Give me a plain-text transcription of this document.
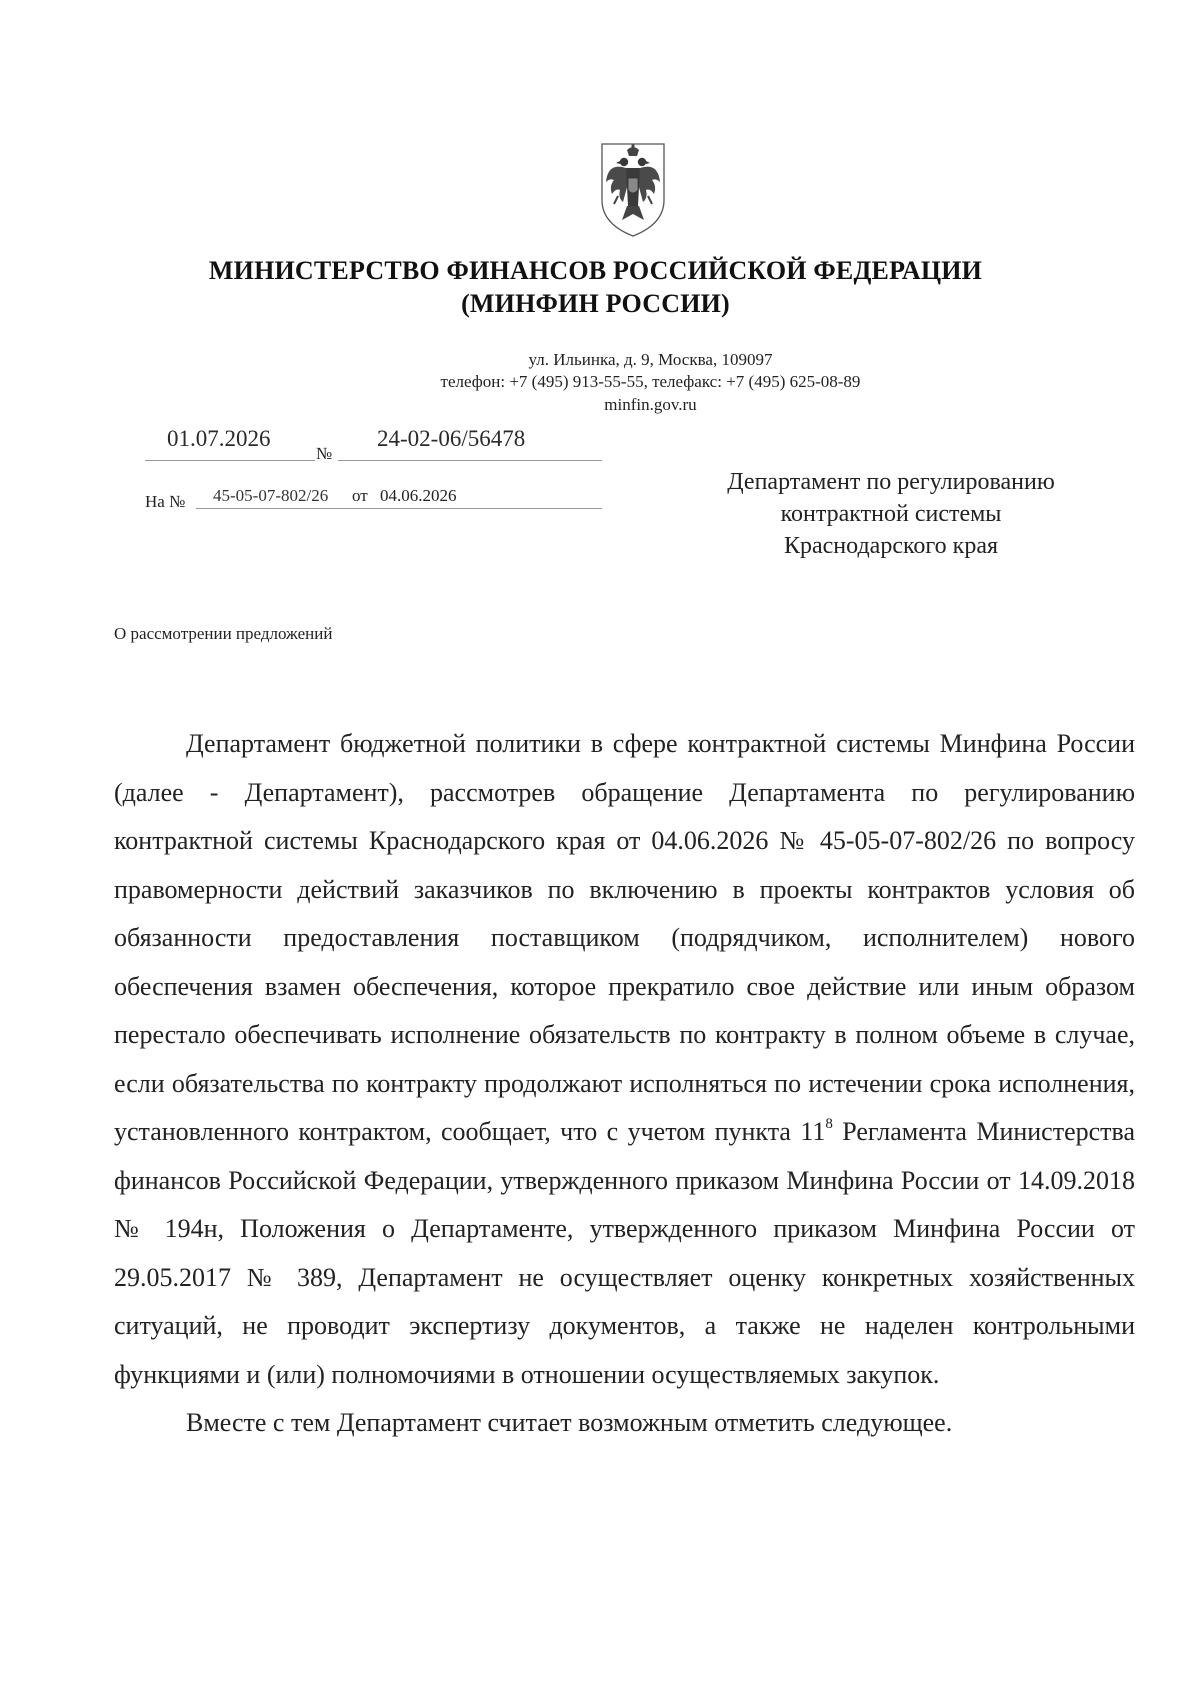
МИНИСТЕРСТВО ФИНАНСОВ РОССИЙСКОЙ ФЕДЕРАЦИИ
(МИНФИН РОССИИ)
ул. Ильинка, д. 9, Москва, 109097
телефон: +7 (495) 913-55-55, телефакс: +7 (495) 625-08-89
minfin.gov.ru
01.07.2026
№
24-02-06/56478
На № 45-05-07-802/26 от 04.06.2026
Департамент по регулированию
контрактной системы
Краснодарского края
О рассмотрении предложений

Департамент бюджетной политики в сфере контрактной системы Минфина России (далее - Департамент), рассмотрев обращение Департамента по регулированию контрактной системы Краснодарского края от 04.06.2026 № 45-05-07-802/26 по вопросу правомерности действий заказчиков по включению в проекты контрактов условия об обязанности предоставления поставщиком (подрядчиком, исполнителем) нового обеспечения взамен обеспечения, которое прекратило свое действие или иным образом перестало обеспечивать исполнение обязательств по контракту в полном объеме в случае, если обязательства по контракту продолжают исполняться по истечении срока исполнения, установленного контрактом, сообщает, что с учетом пункта $11^8$ Регламента Министерства финансов Российской Федерации, утвержденного приказом Минфина России от 14.09.2018 № 194н, Положения о Департаменте, утвержденного приказом Минфина России от 29.05.2017 № 389, Департамент не осуществляет оценку конкретных хозяйственных ситуаций, не проводит экспертизу документов, а также не наделен контрольными функциями и (или) полномочиями в отношении осуществляемых закупок.

Вместе с тем Департамент считает возможным отметить следующее.
